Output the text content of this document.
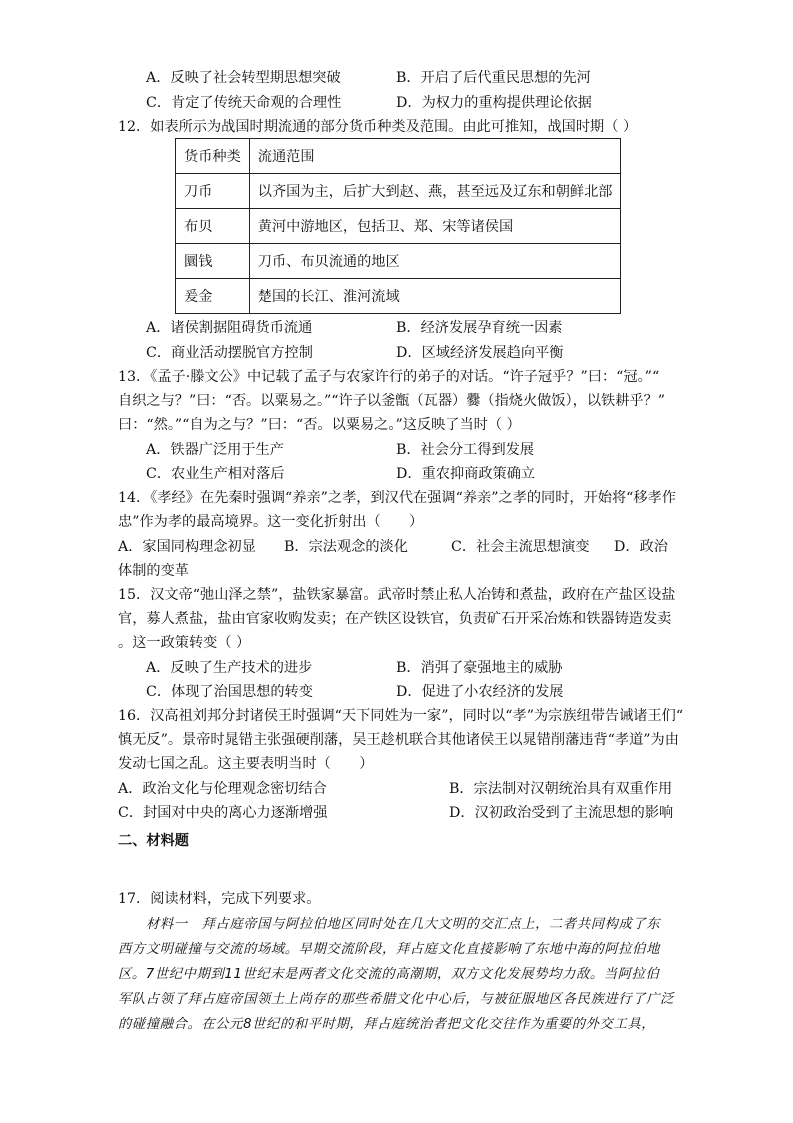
A．反映了社会转型期思想突破	B．开启了后代重民思想的先河
C．肯定了传统天命观的合理性	D．为权力的重构提供理论依据
12．如表所示为战国时期流通的部分货币种类及范围。由此可推知，战国时期（ ）
货币种类	流通范围
刀币	以齐国为主，后扩大到赵、燕，甚至远及辽东和朝鲜北部
布贝	黄河中游地区，包括卫、郑、宋等诸侯国
圜钱	刀币、布贝流通的地区
爰金	楚国的长江、淮河流域
A．诸侯割据阻碍货币流通	B．经济发展孕育统一因素
C．商业活动摆脱官方控制	D．区域经济发展趋向平衡
13．《孟子·滕文公》中记载了孟子与农家许行的弟子的对话。“许子冠乎？”曰：“冠。”“
自织之与？”曰：“否。以粟易之。”“许子以釜甑（瓦器）爨（指烧火做饭），以铁耕乎？”
曰：“然。”“自为之与？”曰：“否。以粟易之。”这反映了当时（ ）
A．铁器广泛用于生产	B．社会分工得到发展
C．农业生产相对落后	D．重农抑商政策确立
14．《孝经》在先秦时强调“养亲”之孝，到汉代在强调“养亲”之孝的同时，开始将“移孝作
忠”作为孝的最高境界。这一变化折射出（　　）
A．家国同构理念初显 B．宗法观念的淡化	C．社会主流思想演变 D．政治
体制的变革
15．汉文帝“弛山泽之禁”，盐铁家暴富。武帝时禁止私人冶铸和煮盐，政府在产盐区设盐
官，募人煮盐，盐由官家收购发卖；在产铁区设铁官，负责矿石开采冶炼和铁器铸造发卖
。这一政策转变（ ）
A．反映了生产技术的进步	B．消弭了豪强地主的威胁
C．体现了治国思想的转变	D．促进了小农经济的发展
16．汉高祖刘邦分封诸侯王时强调“天下同姓为一家”，同时以“孝”为宗族纽带告诫诸王们“
慎无反”。景帝时晁错主张强硬削藩，吴王趁机联合其他诸侯王以晁错削藩违背“孝道”为由
发动七国之乱。这主要表明当时（　　）
A．政治文化与伦理观念密切结合	B．宗法制对汉朝统治具有双重作用
C．封国对中央的离心力逐渐增强	D．汉初政治受到了主流思想的影响
二、材料题
17．阅读材料，完成下列要求。
材料一　拜占庭帝国与阿拉伯地区同时处在几大文明的交汇点上，二者共同构成了东
西方文明碰撞与交流的场域。早期交流阶段，拜占庭文化直接影响了东地中海的阿拉伯地
区。7世纪中期到11世纪末是两者文化交流的高潮期，双方文化发展势均力敌。当阿拉伯
军队占领了拜占庭帝国领土上尚存的那些希腊文化中心后，与被征服地区各民族进行了广泛
的碰撞融合。在公元8世纪的和平时期，拜占庭统治者把文化交往作为重要的外交工具，
